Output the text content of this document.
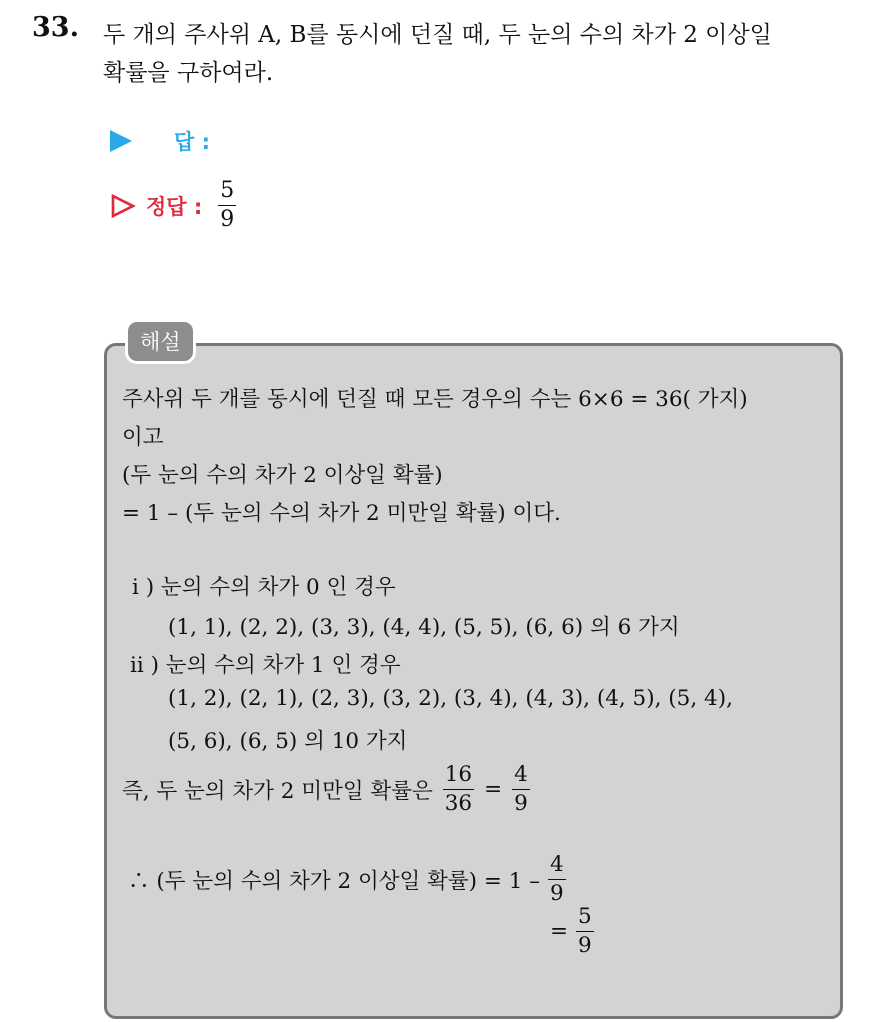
33. 두 개의 주사위 A, B를 동시에 던질 때, 두 눈의 수의 차가 2 이상일
확률을 구하여라.
답 :
정답 : $\frac{5}{9}$
해설
주사위 두 개를 동시에 던질 때 모든 경우의 수는 6×6 = 36( 가지)
이고
(두 눈의 수의 차가 2 이상일 확률)
= 1 – (두 눈의 수의 차가 2 미만일 확률) 이다.
i ) 눈의 수의 차가 0 인 경우
(1, 1), (2, 2), (3, 3), (4, 4), (5, 5), (6, 6) 의 6 가지
ii ) 눈의 수의 차가 1 인 경우
(1, 2), (2, 1), (2, 3), (3, 2), (3, 4), (4, 3), (4, 5), (5, 4),
(5, 6), (6, 5) 의 10 가지
즉, 두 눈의 차가 2 미만일 확률은 $\frac{16}{36} = \frac{4}{9}$
∴ (두 눈의 수의 차가 2 이상일 확률) = $1 - \frac{4}{9}$
= $\frac{5}{9}$
